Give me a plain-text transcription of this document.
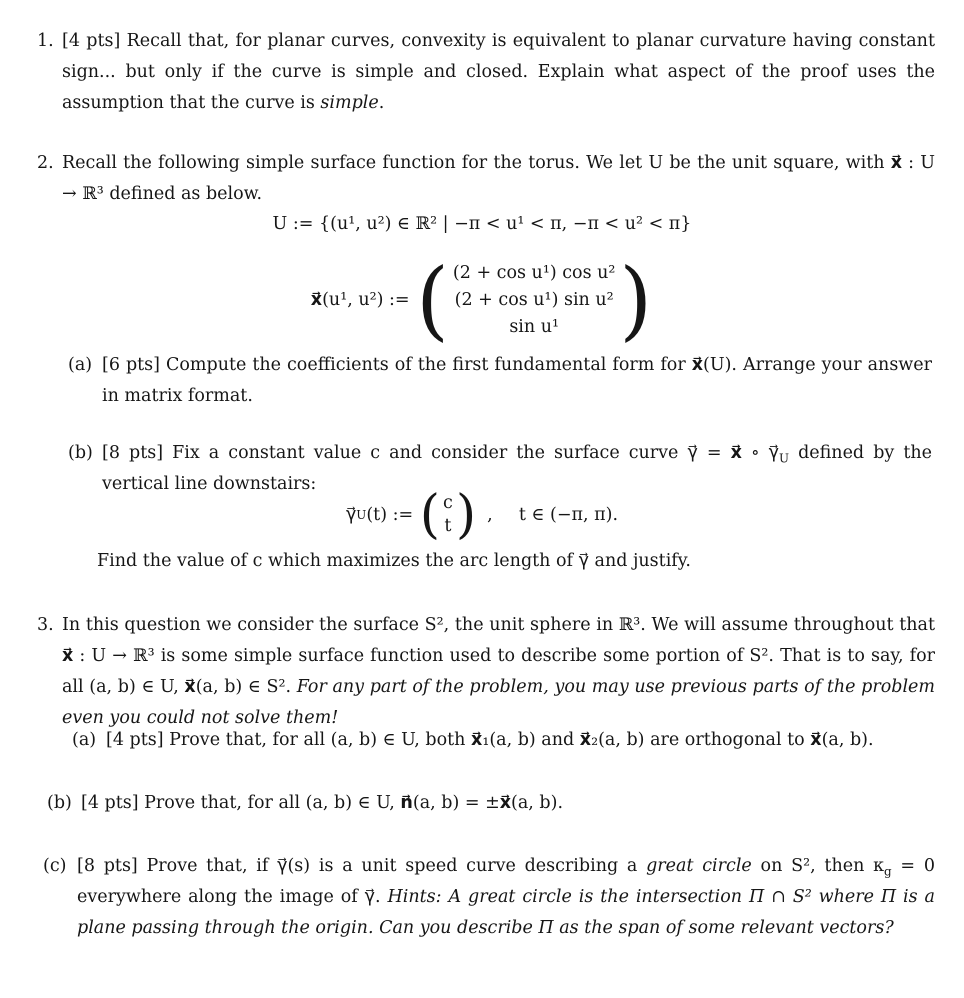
1. [4 pts] Recall that, for planar curves, convexity is equivalent to planar curvature having constant sign... but only if the curve is simple and closed. Explain what aspect of the proof uses the assumption that the curve is simple.

2. Recall the following simple surface function for the torus. We let U be the unit square, with x⃗ : U → ℝ³ defined as below.

U := {(u¹, u²) ∈ ℝ² | −π < u¹ < π, −π < u² < π}
x⃗ (u¹, u²) := ( (2 + cos u¹) cos u²
(2 + cos u¹) sin u²
sin u¹ )
(a) [6 pts] Compute the coefficients of the first fundamental form for x⃗(U). Arrange your answer in matrix format.

(b) [8 pts] Fix a constant value c and consider the surface curve γ⃗ = x⃗ ∘ $\gamma⃗_U$ defined by the vertical line downstairs:

γ⃗ U (t) := ( c
t ) ,  t ∈ (−π, π).

Find the value of c which maximizes the arc length of γ⃗ and justify.

3. In this question we consider the surface S², the unit sphere in ℝ³. We will assume throughout that x⃗ : U → ℝ³ is some simple surface function used to describe some portion of S². That is to say, for all (a, b) ∈ U, x⃗(a, b) ∈ S². For any part of the problem, you may use previous parts of the problem even you could not solve them!

(a) [4 pts] Prove that, for all (a, b) ∈ U, both x⃗₁(a, b) and x⃗₂(a, b) are orthogonal to x⃗(a, b).

(b) [4 pts] Prove that, for all (a, b) ∈ U, n⃗(a, b) = ±x⃗(a, b).

(c) [8 pts] Prove that, if γ⃗(s) is a unit speed curve describing a great circle on S², then $\kappa_g = 0$ everywhere along the image of γ⃗. Hints: A great circle is the intersection Π ∩ S² where Π is a plane passing through the origin. Can you describe Π as the span of some relevant vectors?
